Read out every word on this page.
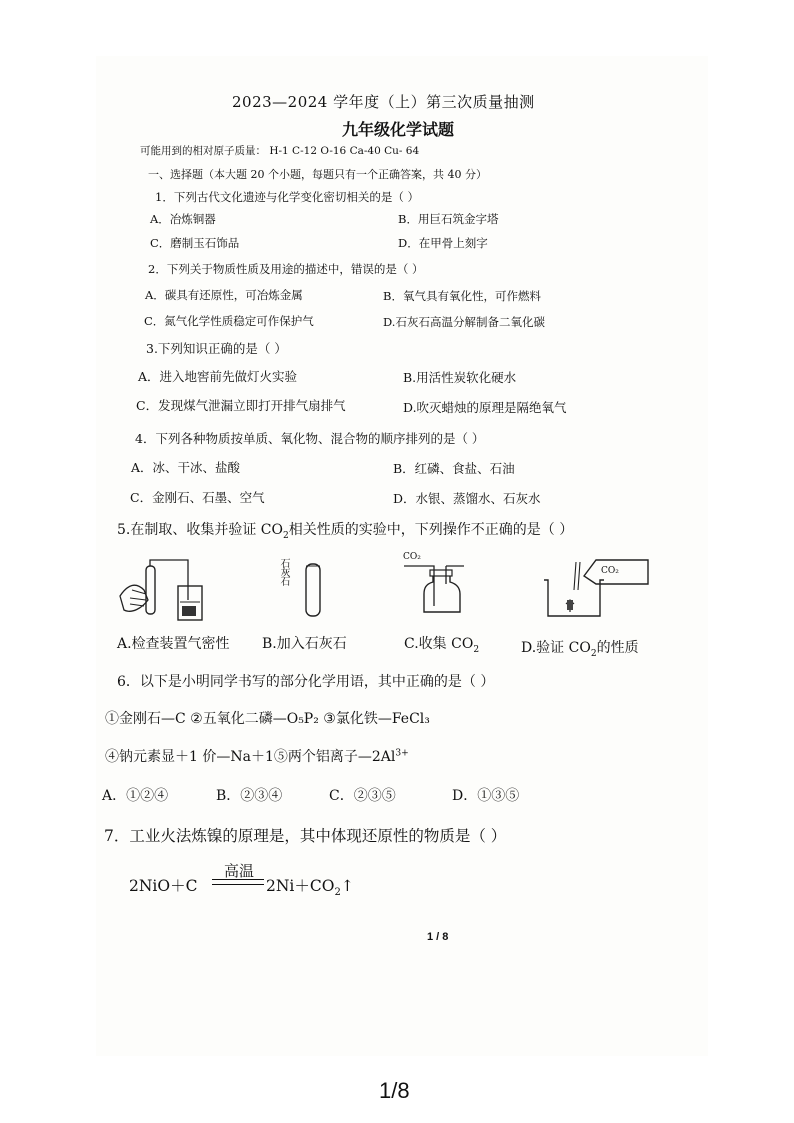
2023—2024 学年度（上）第三次质量抽测
九年级化学试题
可能用到的相对原子质量： H-1 C-12 O-16 Ca-40 Cu- 64
一、选择题（本大题 20 个小题，每题只有一个正确答案，共 40 分）
1．下列古代文化遗迹与化学变化密切相关的是（ ）
A．冶炼铜器	B．用巨石筑金字塔
C．磨制玉石饰品	D．在甲骨上刻字
2．下列关于物质性质及用途的描述中，错误的是（ ）
A．碳具有还原性，可冶炼金属	B．氧气具有氧化性，可作燃料
C．氮气化学性质稳定可作保护气	D.石灰石高温分解制备二氧化碳
3.下列知识正确的是（ ）
A．进入地窖前先做灯火实验	B.用活性炭软化硬水
C．发现煤气泄漏立即打开排气扇排气	D.吹灭蜡烛的原理是隔绝氧气
4．下列各种物质按单质、氧化物、混合物的顺序排列的是（ ）
A．冰、干冰、盐酸	B．红磷、食盐、石油
C．金刚石、石墨、空气	D．水银、蒸馏水、石灰水
5.在制取、收集并验证 $CO_2$相关性质的实验中，下列操作不正确的是（ ）
石灰石
CO₂
CO₂
A.检查装置气密性 B.加入石灰石	C.收集 $CO_2$	D.验证 $CO_2$的性质
6．以下是小明同学书写的部分化学用语，其中正确的是（ ）
①金刚石—C ②五氧化二磷—O₅P₂ ③氯化铁—FeCl₃
④钠元素显＋1 价—Na＋1⑤两个铝离子$—2Al^{3+}$
A．①②④	B．②③④	C．②③⑤	D．①③⑤
7．工业火法炼镍的原理是，其中体现还原性的物质是（ ）
2NiO＋C
高温
$2Ni+CO_2↑$
1 / 8
1/8
